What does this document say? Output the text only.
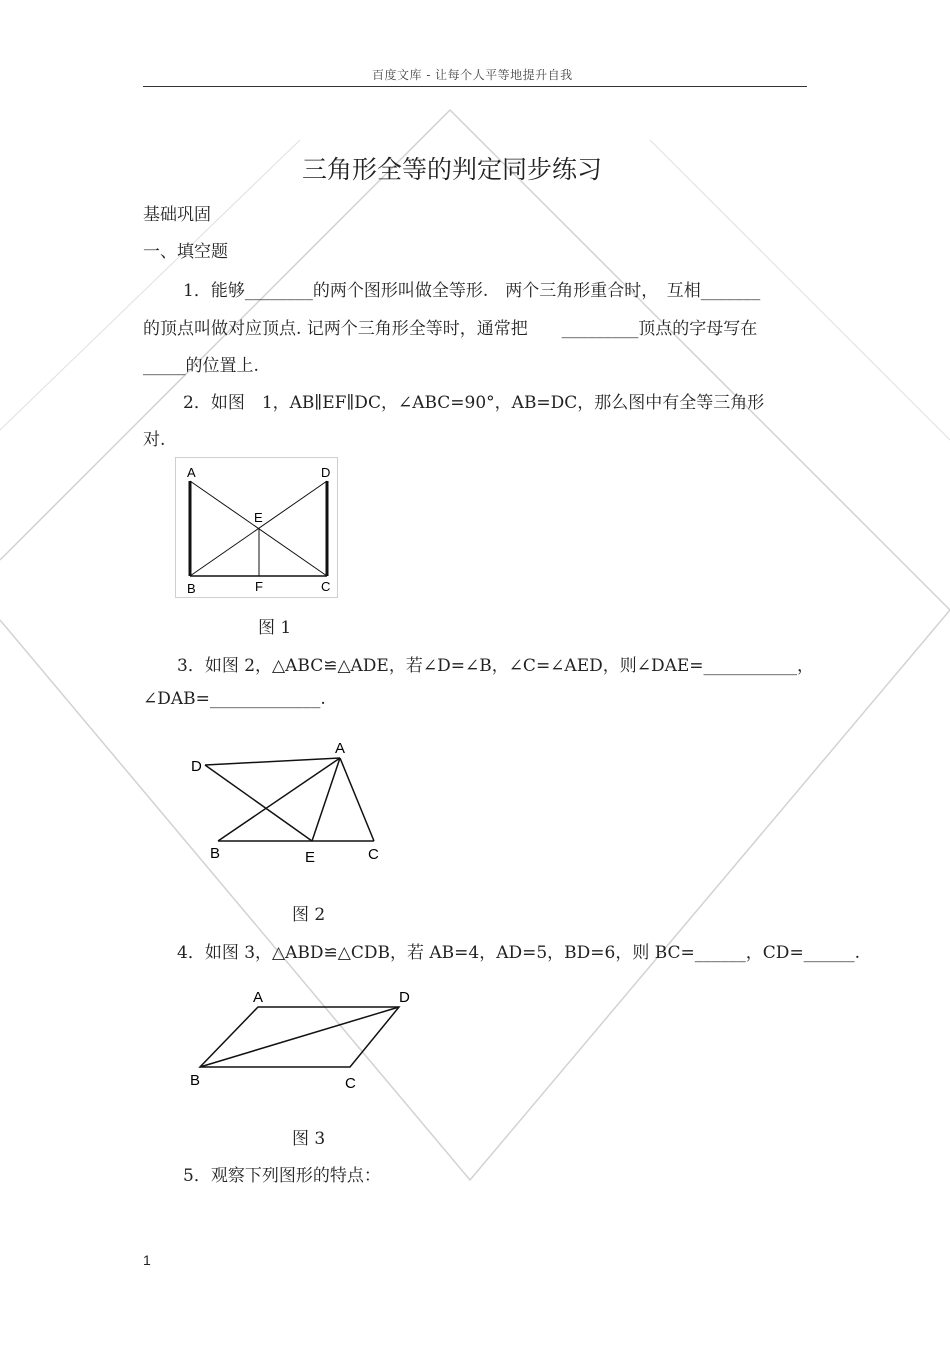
百度文库 - 让每个人平等地提升自我
三角形全等的判定同步练习
基础巩固
一、填空题
1．能够________的两个图形叫做全等形.　两个三角形重合时，　互相_______
的顶点叫做对应顶点. 记两个三角形全等时，通常把　　_________顶点的字母写在
_____的位置上.
2．如图　1，AB∥EF∥DC，∠ABC=90°，AB=DC，那么图中有全等三角形
对.
A	D
E
B	F	C
图 1
3．如图 2，△ABC≌△ADE，若∠D=∠B，∠C=∠AED，则∠DAE=___________，
∠DAB=_____________.
A
D
B	E	C
图 2
4．如图 3，△ABD≌△CDB，若 AB=4，AD=5，BD=6，则 BC=______，CD=______.
A	D
B	C
图 3
5．观察下列图形的特点：
1
